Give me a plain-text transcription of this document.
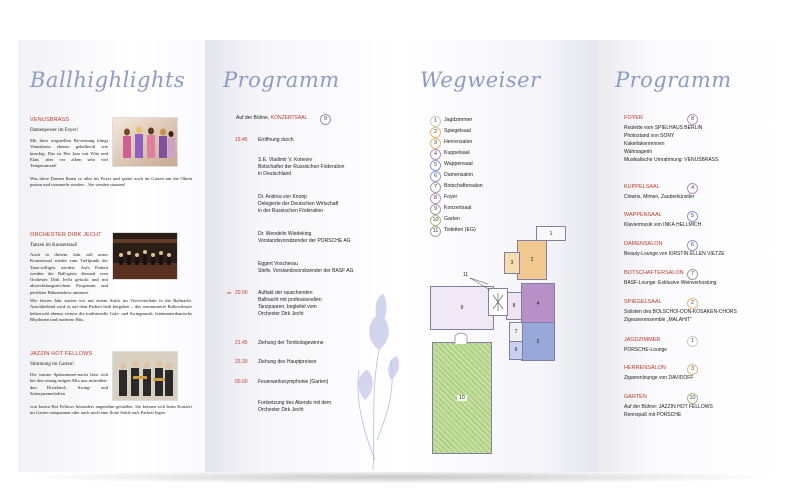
Ballhighlights
VENUSBRASS
Damenpower im Foyer!
Mit ihrer originellen Be-setzung klingt Venusbrass ebenso gebalhvoll wie knackig. Das ist Hot Jazz mit Witz und Elan, aber vor allem sehr viel Temperament!
Was diese Damen Ihnen so alles im Foyer und später auch im Garten um die Ohren pusten und trommeln werden – Sie werden staunen!
ORCHESTER DIRK JECHT
Tanzen im Konzertsaal!
Auch in diesem Jahr soll unser Konzertsaal wieder zum Treffpunkt der Tanz-willigen werden. Aufs Parkett werden die Ball-gäste diesmal vom Orchester Dirk Jecht gelockt und mit abwechslungsreichem Programm und perfekter Bühnenshow animiert.
Wie letztes Jahr starten wir mit einem Stück im Viervierteltakt in die Ballnacht. Anschließend wird es auf dem Parkett heiß hergehen – das renommierte Ballorchester beherrscht ebenso virtuos die traditionelle Gala- und Swingmusik, lateinamerikanische Rhythmen und moderne Hits.
JAZZIN HOT FELLOWS
Stimmung im Garten!
Die warme Spätsommer-nacht lässt sich bei den einzig-artigen Mix aus mitreißen-den Dixieland-, Swing- und Salonjazzmelodien
von Jazzin Hot Fellows besonders angenehm genießen. Sie können sich beim Konzert im Garten entspannen oder auch noch eine flotte Sohle aufs Parkett legen.
Programm
Auf der Bühne, KONZERTSAAL	9
19.45 Eröffnung durch
S.E. Vladimir V. Kotenev
Botschafter der Russischen Föderation
in Deutschland
Dr. Andrea von Knoop
Delegierte der Deutschen Wirtschaft
in der Russischen Föderation
Dr. Wendelin Wiedeking
Vorstandsvorsitzender der PORSCHE AG
Eggert Voscherau
Stellv. Vorstandsvorsitzender der BASF AG
ab 20.00 Auftakt der rauschenden
Ballnacht mit professionellen
Tanzpaaren, begleitet vom
Orchester Dirk Jecht
21.45 Ziehung der Tombolagewinne
23.30 Ziehung des Hauptpreises
00.00 Feuerwerkssymphonie (Garten)
Fortsetzung des Abends mit dem
Orchester Dirk Jecht
Wegweiser
1	Jagdzimmer
2	Spiegelsaal
3	Herrensalon
4	Kuppelsaal
5	Wappensaal
6	Damensalon
7	Botschaftersalon
8	Foyer
9	Konzertsaal
10	Garten
11	Toiletten (EG)
1
2
3
4
5
6
7
8
9
10
11
Programm
FOYER	8
Roulette vom SPIELHAUS BERLIN
Photostand von SONY
Kakerlakenrennen
Wahrsagerin
Musikalische Umrahmung: VENUSBRASS
KUPPELSAAL	4
Clowns, Mimen, Zauberkünstler
WAPPENSAAL	5
Klaviermusik von INKA HELLMICH
DAMENSALON	6
Beauty-Lounge von KIRSTIN ELLEN VIETZE
BOTSCHAFTERSALON	7
BASF-Lounge: Exklusive Weinverkostung
SPIEGELSAAL	2
Solisten des BOLSCHOI-DON-KOSAKEN-CHORS
Zigeunerensemble „MALAHIT“
JAGDZIMMER	1
PORSCHE-Lounge
HERRENSALON	3
Zigarrenlounge von DAVIDOFF
GARTEN	10
Auf der Bühne: JAZZIN HOT FELLOWS
Rennspaß mit PORSCHE
